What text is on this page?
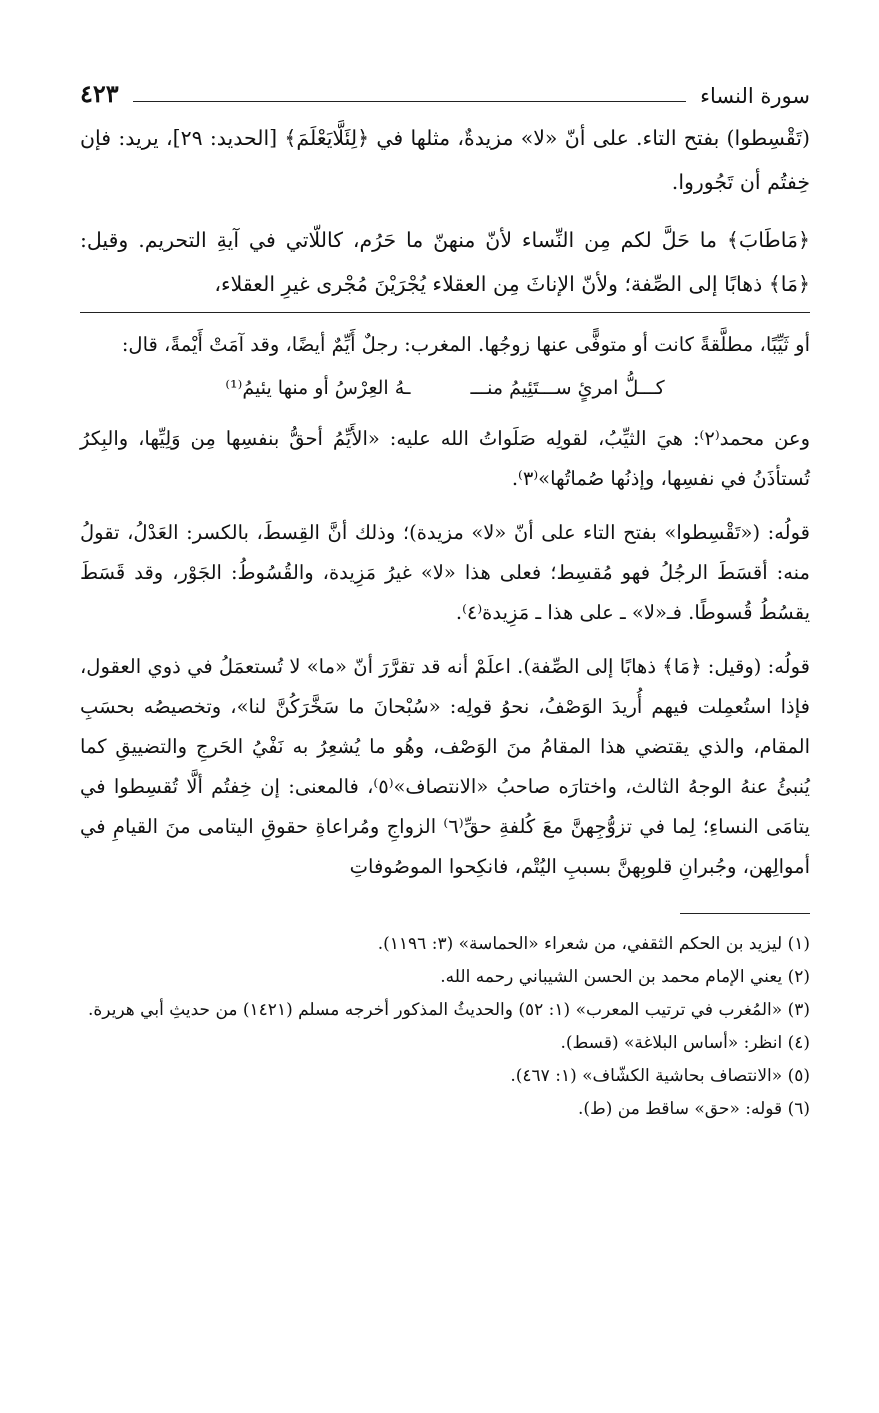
سورة النساء
٤٢٣

(تَقْسِطوا) بفتح التاء. على أنّ «لا» مزيدةٌ، مثلها في ﴿لِئَلَّايَعْلَمَ﴾ [الحديد: ٢٩]، يريد: فإن خِفتُم أن تَجُوروا.

﴿مَاطَابَ﴾ ما حَلَّ لكم مِن النِّساء لأنّ منهنّ ما حَرُم، كاللّاتي في آيةِ التحريم. وقيل: ﴿مَا﴾ ذهابًا إلى الصِّفة؛ ولأنّ الإناثَ مِن العقلاء يُجْرَيْنَ مُجْرى غيرِ العقلاء،

أو ثَيِّبًا، مطلَّقةً كانت أو متوفًّى عنها زوجُها. المغرب: رجلٌ أَيِّمٌ أيضًا، وقد آمَتْ أَيْمةً، قال:

كـــلُّ امرئٍ ســـتَئِيمُ منـــ
ـهُ العِرْسُ أو منها يئيمُ⁽¹⁾

وعن محمد⁽٢⁾: هيَ الثيِّبُ، لقولِه صَلَواتُ الله عليه: «الأَيِّمُ أحقُّ بنفسِها مِن وَلِيِّها، والبِكرُ تُستأذَنُ في نفسِها، وإذنُها صُماتُها»⁽٣⁾.

قولُه: («تَقْسِطوا» بفتح التاء على أنّ «لا» مزيدة)؛ وذلك أنَّ القِسطَ، بالكسر: العَدْلُ، تقولُ منه: أقسَطَ الرجُلُ فهو مُقسِط؛ فعلى هذا «لا» غيرُ مَزِيدة، والقُسُوطُ: الجَوْر، وقد قَسَطَ يقسُطُ قُسوطًا. فـ«لا» ـ على هذا ـ مَزِيدة⁽٤⁾.

قولُه: (وقيل: ﴿مَا﴾ ذهابًا إلى الصِّفة). اعلَمْ أنه قد تقرَّرَ أنّ «ما» لا تُستعمَلُ في ذوي العقول، فإذا استُعمِلت فيهم أُريدَ الوَصْفُ، نحوُ قولِه: «سُبْحانَ ما سَخَّرَكُنَّ لنا»، وتخصيصُه بحسَبِ المقام، والذي يقتضي هذا المقامُ منَ الوَصْف، وهُو ما يُشعِرُ به نَفْيُ الحَرجِ والتضييقِ كما يُنبئُ عنهُ الوجهُ الثالث، واختارَه صاحبُ «الانتصاف»⁽٥⁾، فالمعنى: إن خِفتُم ألَّا تُقسِطوا في يتامَى النساءِ؛ لِما في تزوُّجِهنَّ معَ كُلفةِ حقِّ⁽٦⁾ الزواجِ ومُراعاةِ حقوقِ اليتامى منَ القيامِ في أموالِهن، وجُبرانِ قلوبِهنَّ بسببِ اليُتْم، فانكِحوا الموصُوفاتِ

(١) ليزيد بن الحكم الثقفي، من شعراء «الحماسة» (٣: ١١٩٦).

(٢) يعني الإمام محمد بن الحسن الشيباني رحمه الله.

(٣) «المُغرب في ترتيب المعرب» (١: ٥٢) والحديثُ المذكور أخرجه مسلم (١٤٢١) من حديثِ أبي هريرة.

(٤) انظر: «أساس البلاغة» (قسط).

(٥) «الانتصاف بحاشية الكشّاف» (١: ٤٦٧).

(٦) قوله: «حق» ساقط من (ط).
